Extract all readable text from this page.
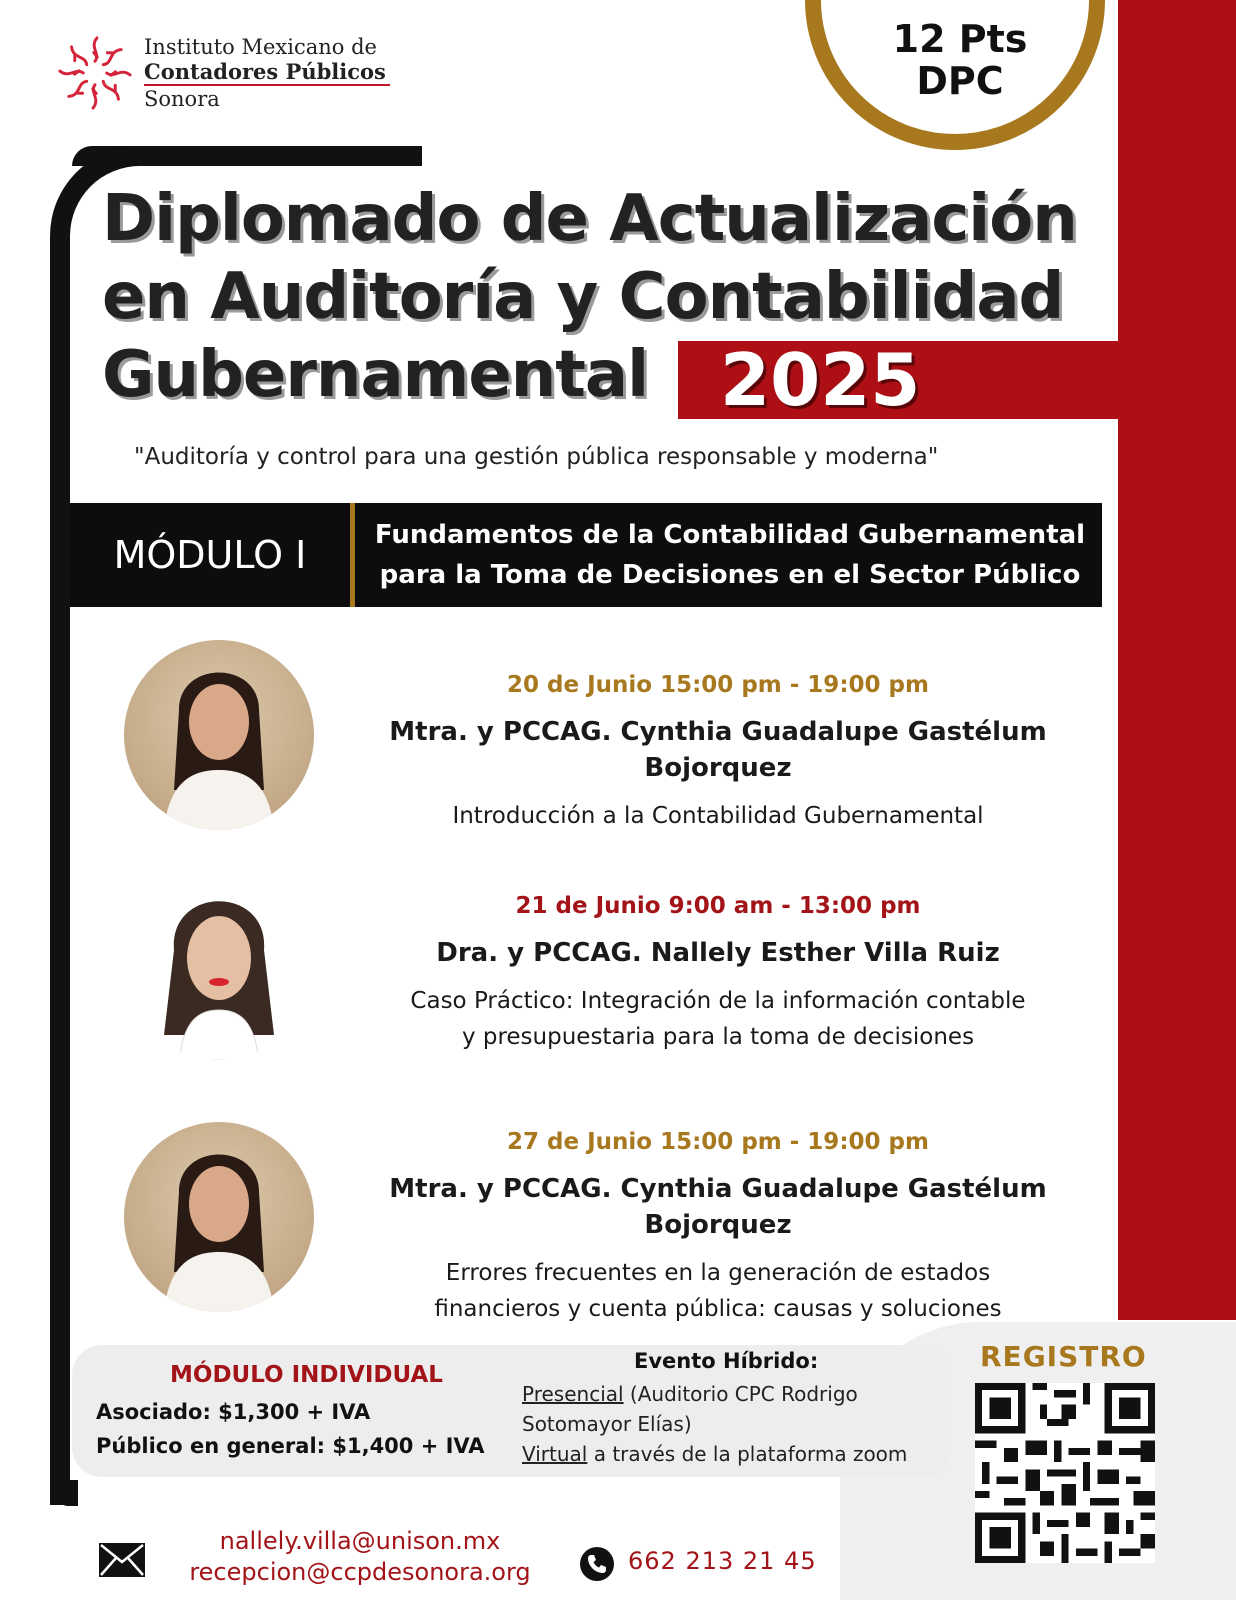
12 Pts
DPC
Instituto Mexicano de
Contadores Públicos
Sonora
Diplomado de Actualización
en Auditoría y Contabilidad
Gubernamental	2025
"Auditoría y control para una gestión pública responsable y moderna"
MÓDULO I	Fundamentos de la Contabilidad Gubernamental
para la Toma de Decisiones en el Sector Público
20 de Junio 15:00 pm - 19:00 pm
Mtra. y PCCAG. Cynthia Guadalupe Gastélum Bojorquez
Introducción a la Contabilidad Gubernamental
21 de Junio 9:00 am - 13:00 pm
Dra. y PCCAG. Nallely Esther Villa Ruiz
Caso Práctico: Integración de la información contable
y presupuestaria para la toma de decisiones
27 de Junio 15:00 pm - 19:00 pm
Mtra. y PCCAG. Cynthia Guadalupe Gastélum Bojorquez
Errores frecuentes en la generación de estados
financieros y cuenta pública: causas y soluciones
MÓDULO INDIVIDUAL
Asociado: $1,300 + IVA
Público en general: $1,400 + IVA
Evento Híbrido:
Presencial (Auditorio CPC Rodrigo
Sotomayor Elías)
Virtual a través de la plataforma zoom
REGISTRO
nallely.villa@unison.mx
recepcion@ccpdesonora.org	662 213 21 45
